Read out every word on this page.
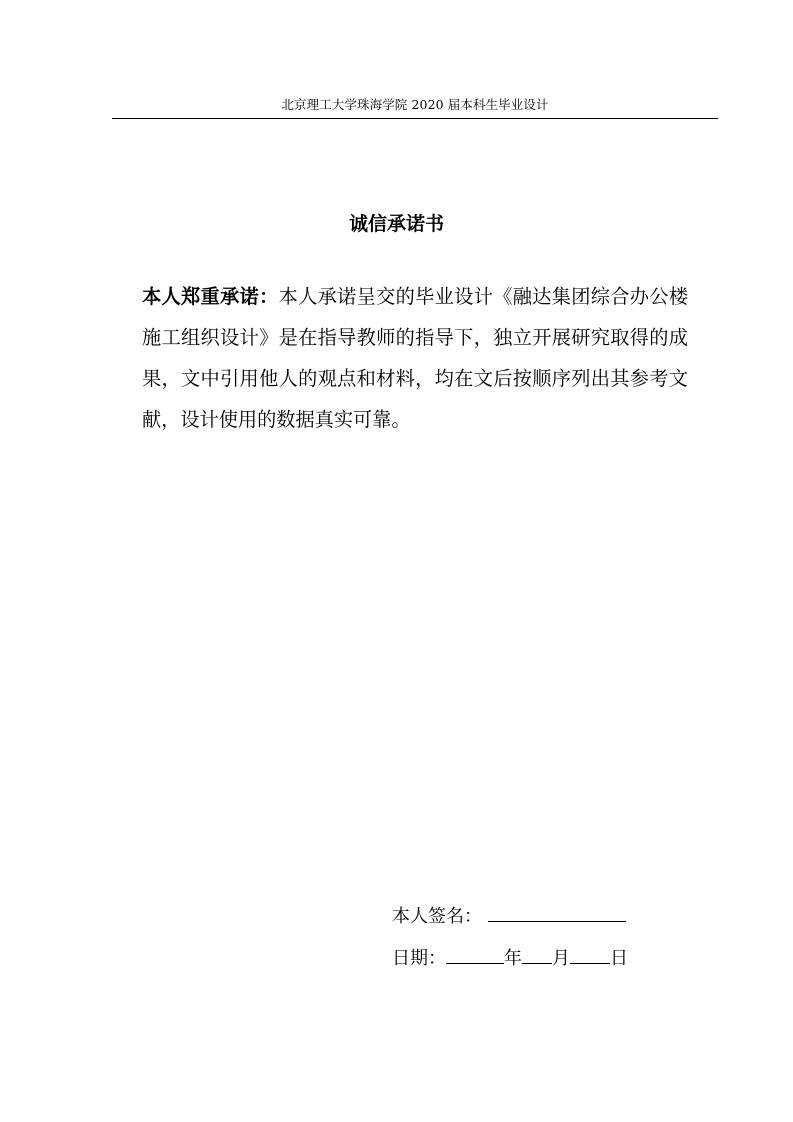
北京理工大学珠海学院 2020 届本科生毕业设计
诚信承诺书
本人郑重承诺：本人承诺呈交的毕业设计《融达集团综合办公楼施工组织设计》是在指导教师的指导下，独立开展研究取得的成果，文中引用他人的观点和材料，均在文后按顺序列出其参考文献，设计使用的数据真实可靠。
本人签名：
日期：	年 月 日
